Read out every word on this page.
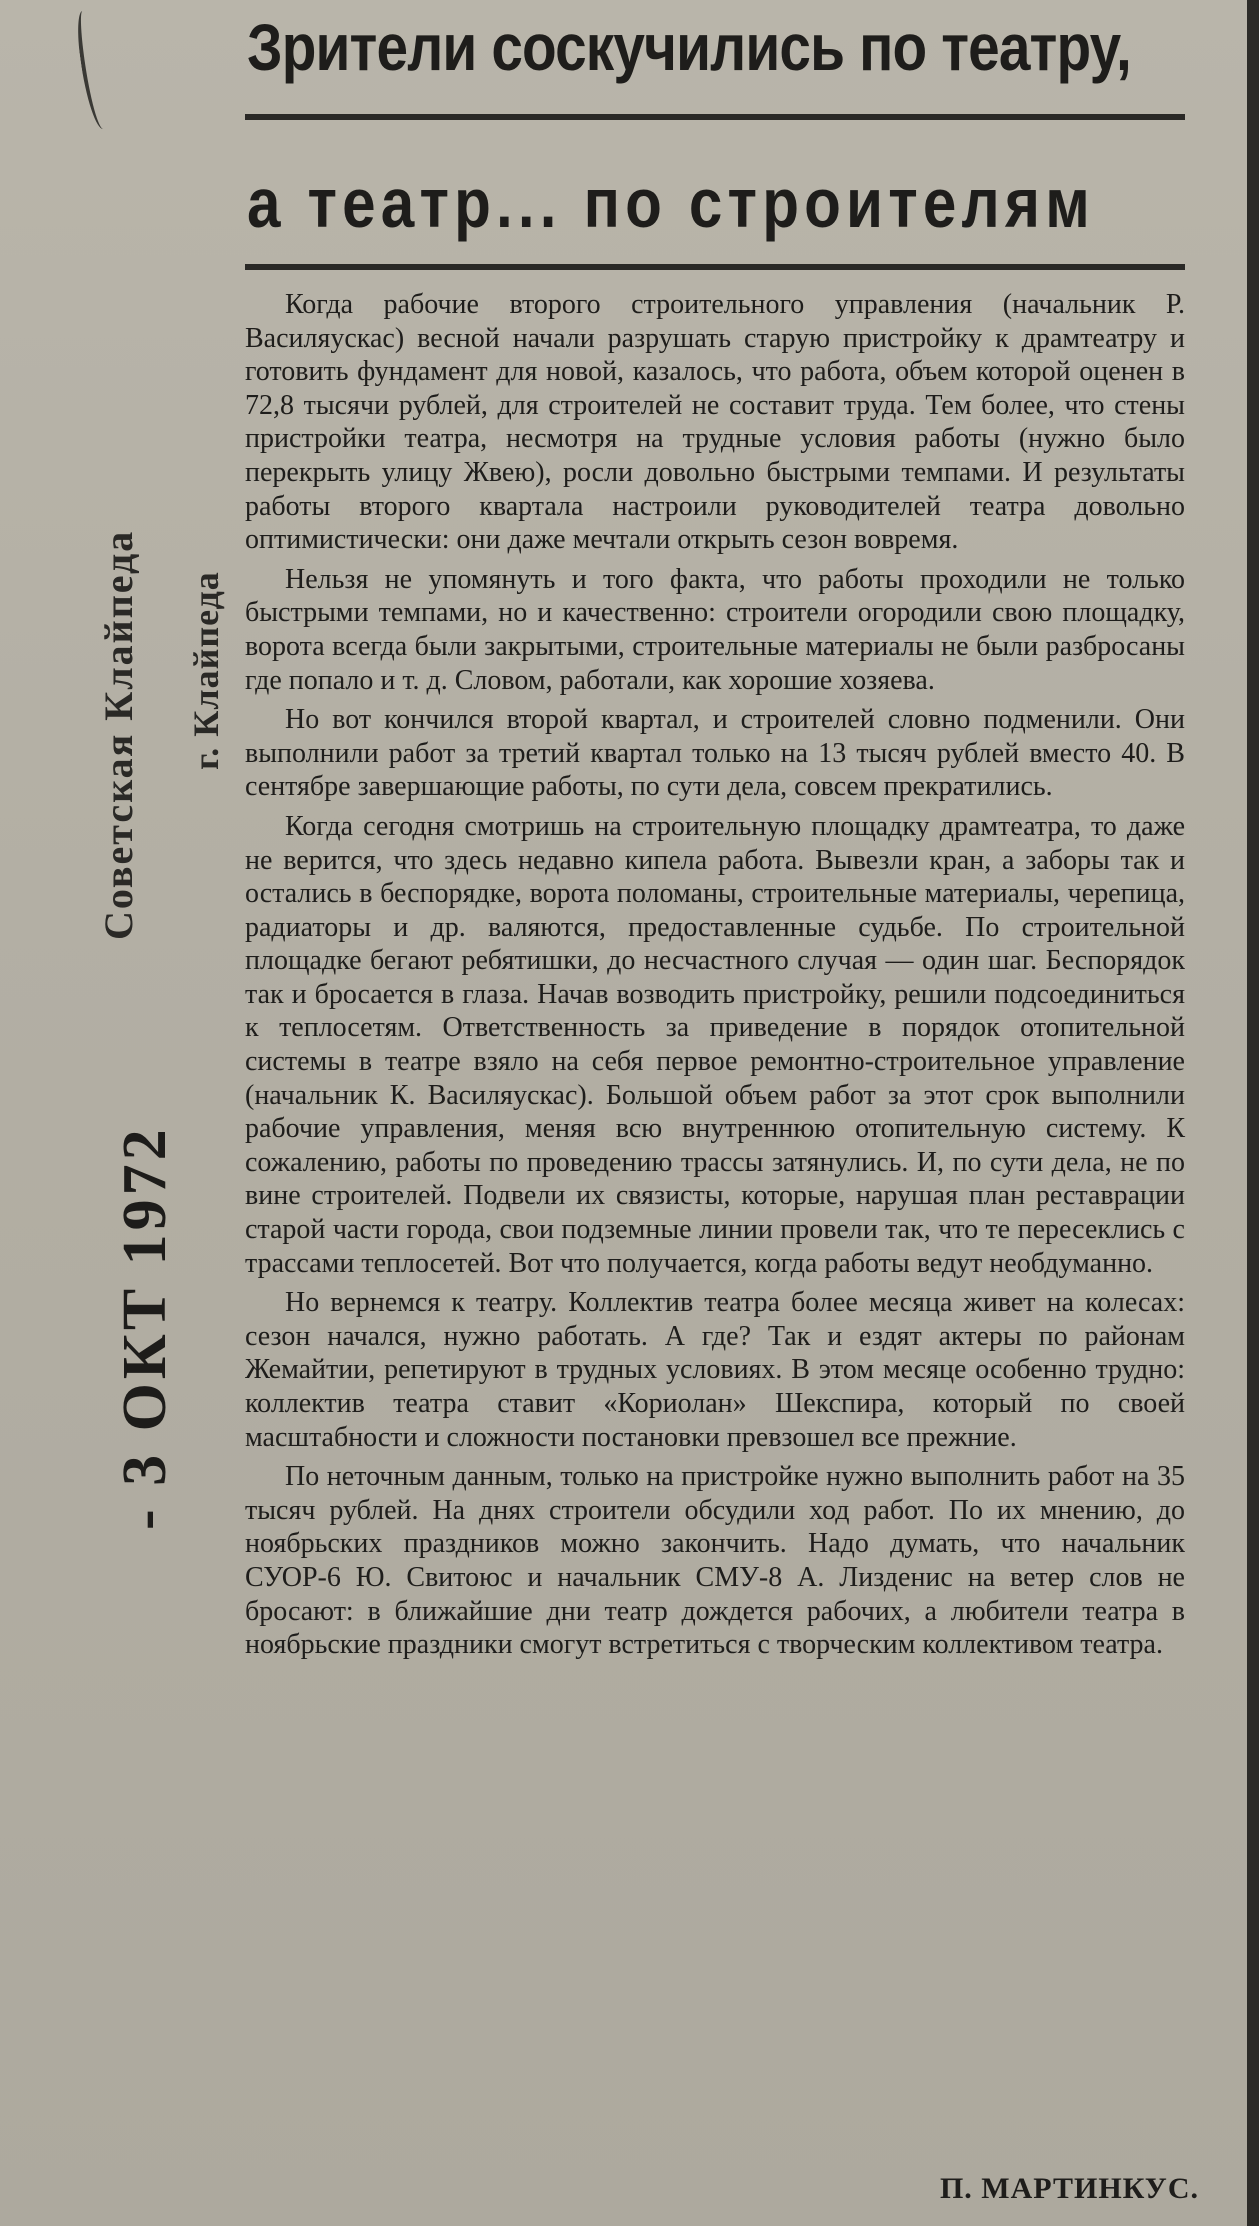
Советская Клайпеда г. Клайпеда
- 3 ОКТ 1972
Зрители соскучились по театру,
а театр... по строителям

Когда рабочие второго строительного управления (начальник Р. Василяускас) весной начали разрушать старую пристройку к драмтеатру и готовить фундамент для новой, казалось, что работа, объем которой оценен в 72,8 тысячи рублей, для строителей не составит труда. Тем более, что стены пристройки театра, несмотря на трудные условия работы (нужно было перекрыть улицу Жвею), росли довольно быстрыми темпами. И результаты работы второго квартала настроили руководителей театра довольно оптимистически: они даже мечтали открыть сезон вовремя.

Нельзя не упомянуть и того факта, что работы проходили не только быстрыми темпами, но и качественно: строители огородили свою площадку, ворота всегда были закрытыми, строительные материалы не были разбросаны где попало и т. д. Словом, работали, как хорошие хозяева.

Но вот кончился второй квартал, и строителей словно подменили. Они выполнили работ за третий квартал только на 13 тысяч рублей вместо 40. В сентябре завершающие работы, по сути дела, совсем прекратились.

Когда сегодня смотришь на строительную площадку драмтеатра, то даже не верится, что здесь недавно кипела работа. Вывезли кран, а заборы так и остались в беспорядке, ворота поломаны, строительные материалы, черепица, радиаторы и др. валяются, предоставленные судьбе. По строительной площадке бегают ребятишки, до несчастного случая — один шаг. Беспорядок так и бросается в глаза. Начав возводить пристройку, решили подсоединиться к теплосетям. Ответственность за приведение в порядок отопительной системы в театре взяло на себя первое ремонтно-строительное управление (начальник К. Василяускас). Большой объем работ за этот срок выполнили рабочие управления, меняя всю внутреннюю отопительную систему. К сожалению, работы по проведению трассы затянулись. И, по сути дела, не по вине строителей. Подвели их связисты, которые, нарушая план реставрации старой части города, свои подземные линии провели так, что те пересеклись с трассами теплосетей. Вот что получается, когда работы ведут необдуманно.

Но вернемся к театру. Коллектив театра более месяца живет на колесах: сезон начался, нужно работать. А где? Так и ездят актеры по районам Жемайтии, репетируют в трудных условиях. В этом месяце особенно трудно: коллектив театра ставит «Кориолан» Шекспира, который по своей масштабности и сложности постановки превзошел все прежние.

По неточным данным, только на пристройке нужно выполнить работ на 35 тысяч рублей. На днях строители обсудили ход работ. По их мнению, до ноябрьских праздников можно закончить. Надо думать, что начальник СУОР-6 Ю. Свитоюс и начальник СМУ-8 А. Лизденис на ветер слов не бросают: в ближайшие дни театр дождется рабочих, а любители театра в ноябрьские праздники смогут встретиться с творческим коллективом театра.

П. МАРТИНКУС.
